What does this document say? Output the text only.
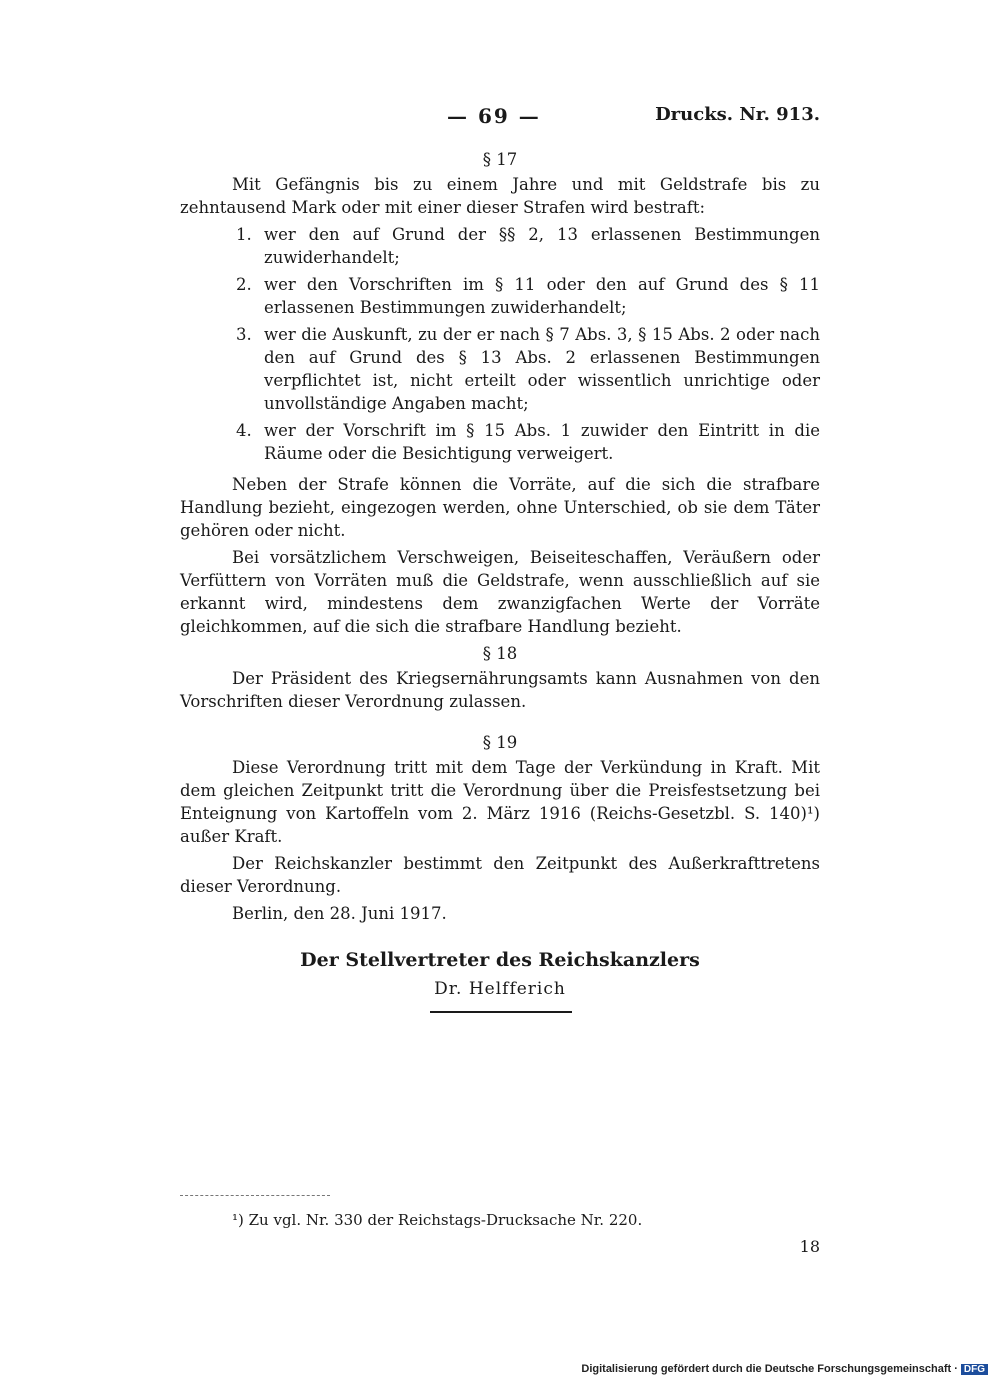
— 69 —	Drucks. Nr. 913.
§ 17

Mit Gefängnis bis zu einem Jahre und mit Geldstrafe bis zu zehntausend Mark oder mit einer dieser Strafen wird bestraft:

1. wer den auf Grund der §§ 2, 13 erlassenen Bestimmungen zuwiderhandelt;
2. wer den Vorschriften im § 11 oder den auf Grund des § 11 erlassenen Bestimmungen zuwiderhandelt;
3. wer die Auskunft, zu der er nach § 7 Abs. 3, § 15 Abs. 2 oder nach den auf Grund des § 13 Abs. 2 erlassenen Bestimmungen verpflichtet ist, nicht erteilt oder wissentlich unrichtige oder unvollständige Angaben macht;
4. wer der Vorschrift im § 15 Abs. 1 zuwider den Eintritt in die Räume oder die Besichtigung verweigert.

Neben der Strafe können die Vorräte, auf die sich die strafbare Handlung bezieht, eingezogen werden, ohne Unterschied, ob sie dem Täter gehören oder nicht.

Bei vorsätzlichem Verschweigen, Beiseiteschaffen, Veräußern oder Verfüttern von Vorräten muß die Geldstrafe, wenn ausschließlich auf sie erkannt wird, mindestens dem zwanzigfachen Werte der Vorräte gleichkommen, auf die sich die strafbare Handlung bezieht.

§ 18

Der Präsident des Kriegsernährungsamts kann Ausnahmen von den Vorschriften dieser Verordnung zulassen.

§ 19

Diese Verordnung tritt mit dem Tage der Verkündung in Kraft. Mit dem gleichen Zeitpunkt tritt die Verordnung über die Preisfestsetzung bei Enteignung von Kartoffeln vom 2. März 1916 (Reichs-Gesetzbl. S. 140)¹) außer Kraft.

Der Reichskanzler bestimmt den Zeitpunkt des Außerkrafttretens dieser Verordnung.

Berlin, den 28. Juni 1917.

Der Stellvertreter des Reichskanzlers
Dr. Helfferich
¹) Zu vgl. Nr. 330 der Reichstags-Drucksache Nr. 220.
18
Digitalisierung gefördert durch die Deutsche Forschungsgemeinschaft · DFG
